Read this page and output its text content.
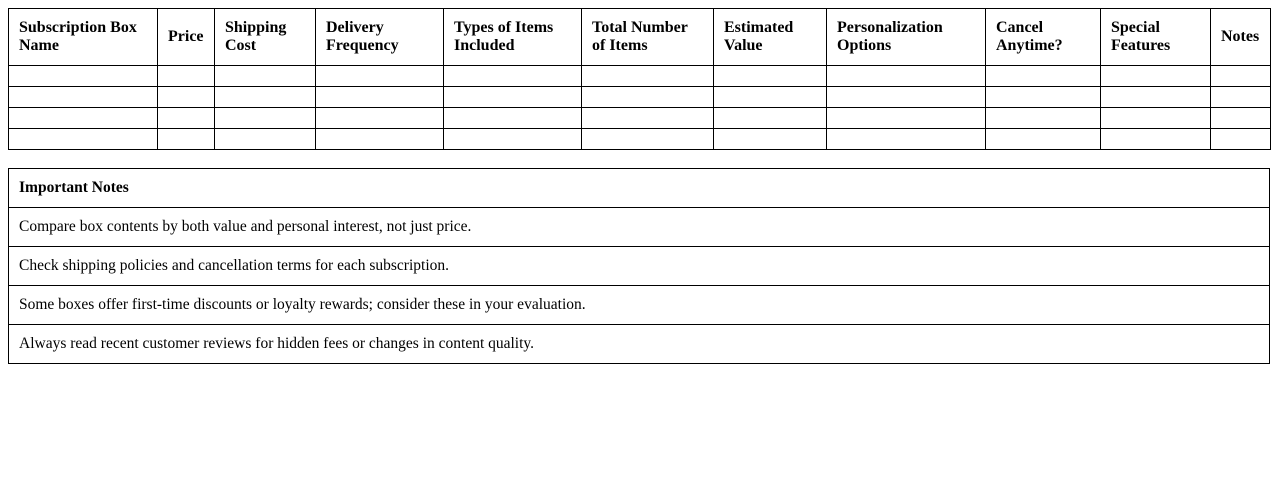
Subscription Box Name	Price	Shipping Cost	Delivery Frequency	Types of Items Included	Total Number of Items	Estimated Value	Personalization Options	Cancel Anytime?	Special Features	Notes

Important Notes
Compare box contents by both value and personal interest, not just price.
Check shipping policies and cancellation terms for each subscription.
Some boxes offer first-time discounts or loyalty rewards; consider these in your evaluation.
Always read recent customer reviews for hidden fees or changes in content quality.
